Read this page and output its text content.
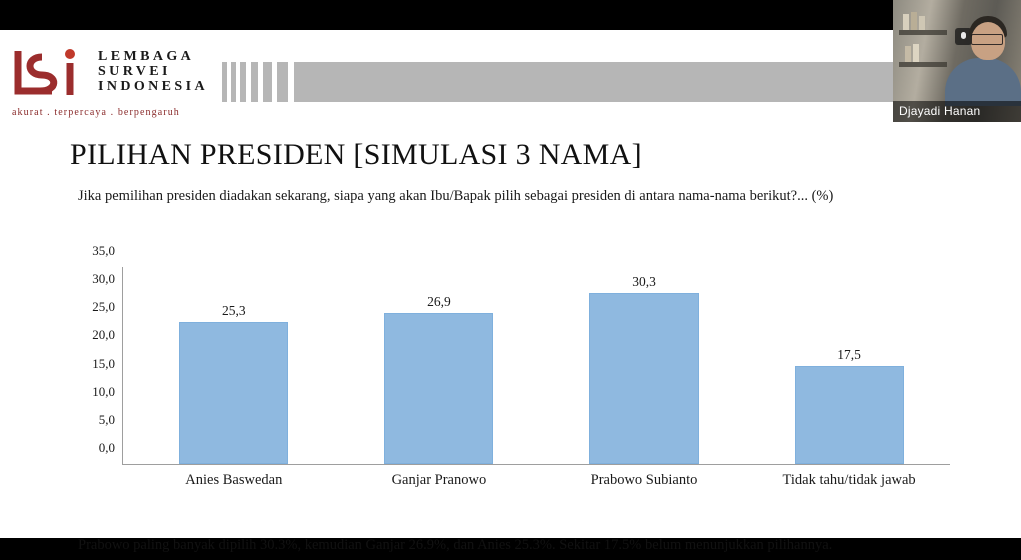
LEMBAGA
SURVEI
INDONESIA
akurat . terpercaya . berpengaruh
PILIHAN PRESIDEN [SIMULASI 3 NAMA]
Jika pemilihan presiden diadakan sekarang, siapa yang akan Ibu/Bapak pilih sebagai presiden di antara nama-nama berikut?... (%)
0,0
5,0
10,0
15,0
20,0
25,0
30,0
35,0
25,3
26,9
30,3
17,5
Anies Baswedan	Ganjar Pranowo	Prabowo Subianto	Tidak tahu/tidak jawab
Prabowo paling banyak dipilih 30.3%, kemudian Ganjar 26.9%, dan Anies 25.3%. Sekitar 17.5% belum menunjukkan pilihannya.
Djayadi Hanan
